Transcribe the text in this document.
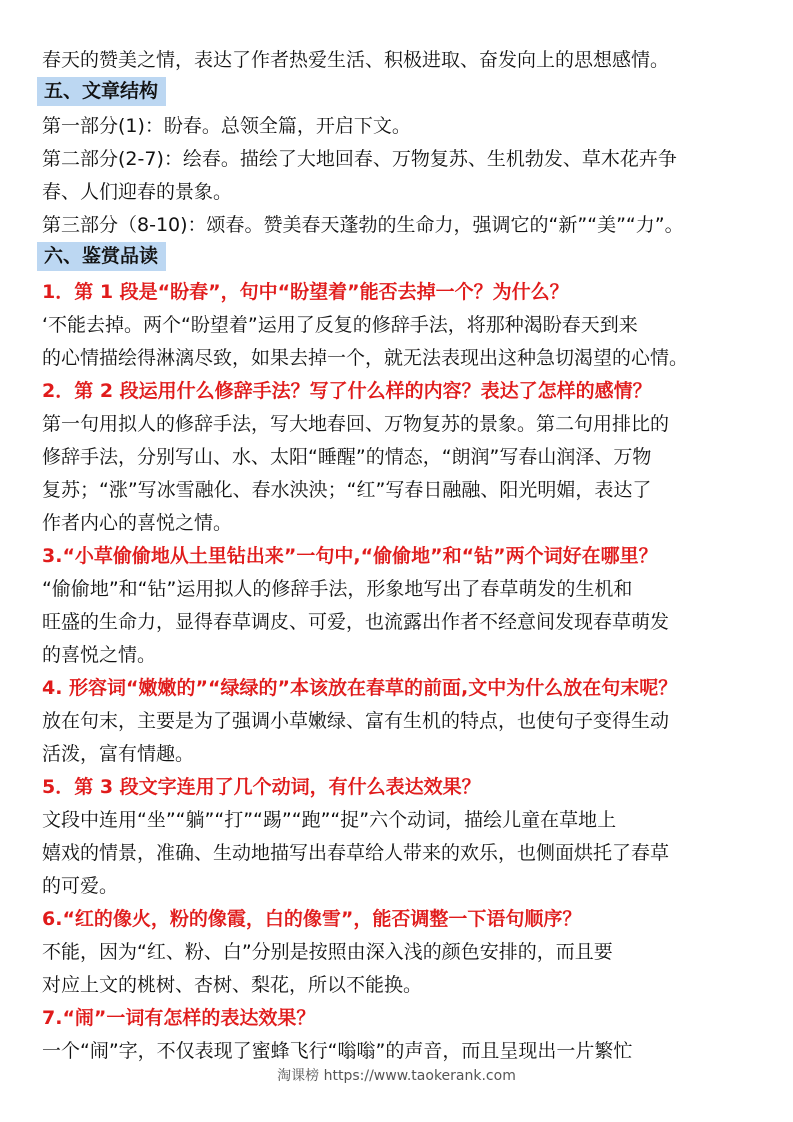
春天的赞美之情，表达了作者热爱生活、积极进取、奋发向上的思想感情。
五、文章结构
第一部分(1)：盼春。总领全篇，开启下文。
第二部分(2-7)：绘春。描绘了大地回春、万物复苏、生机勃发、草木花卉争
春、人们迎春的景象。
第三部分（8-10)：颂春。赞美春天蓬勃的生命力，强调它的“新”“美”“力”。
六、鉴赏品读
1．第 1 段是“盼春”，句中“盼望着”能否去掉一个？为什么？
‘不能去掉。两个“盼望着”运用了反复的修辞手法，将那种渴盼春天到来
的心情描绘得淋漓尽致，如果去掉一个，就无法表现出这种急切渴望的心情。
2．第 2 段运用什么修辞手法？写了什么样的内容？表达了怎样的感情？
第一句用拟人的修辞手法，写大地春回、万物复苏的景象。第二句用排比的
修辞手法，分别写山、水、太阳“睡醒”的情态，“朗润”写春山润泽、万物
复苏；“涨”写冰雪融化、春水泱泱；“红”写春日融融、阳光明媚，表达了
作者内心的喜悦之情。
3.“小草偷偷地从土里钻出来”一句中,“偷偷地”和“钻”两个词好在哪里？
“偷偷地”和“钻”运用拟人的修辞手法，形象地写出了春草萌发的生机和
旺盛的生命力，显得春草调皮、可爱，也流露出作者不经意间发现春草萌发
的喜悦之情。
4. 形容词“嫩嫩的”“绿绿的”本该放在春草的前面,文中为什么放在句末呢？
放在句末，主要是为了强调小草嫩绿、富有生机的特点，也使句子变得生动
活泼，富有情趣。
5．第 3 段文字连用了几个动词，有什么表达效果？
文段中连用“坐”“躺”“打”“踢”“跑”“捉”六个动词，描绘儿童在草地上
嬉戏的情景，准确、生动地描写出春草给人带来的欢乐，也侧面烘托了春草
的可爱。
6.“红的像火，粉的像霞，白的像雪”，能否调整一下语句顺序？
不能，因为“红、粉、白”分别是按照由深入浅的颜色安排的，而且要
对应上文的桃树、杏树、梨花，所以不能换。
7.“闹”一词有怎样的表达效果？
一个“闹”字，不仅表现了蜜蜂飞行“嗡嗡”的声音，而且呈现出一片繁忙
淘课榜 https://www.taokerank.com
